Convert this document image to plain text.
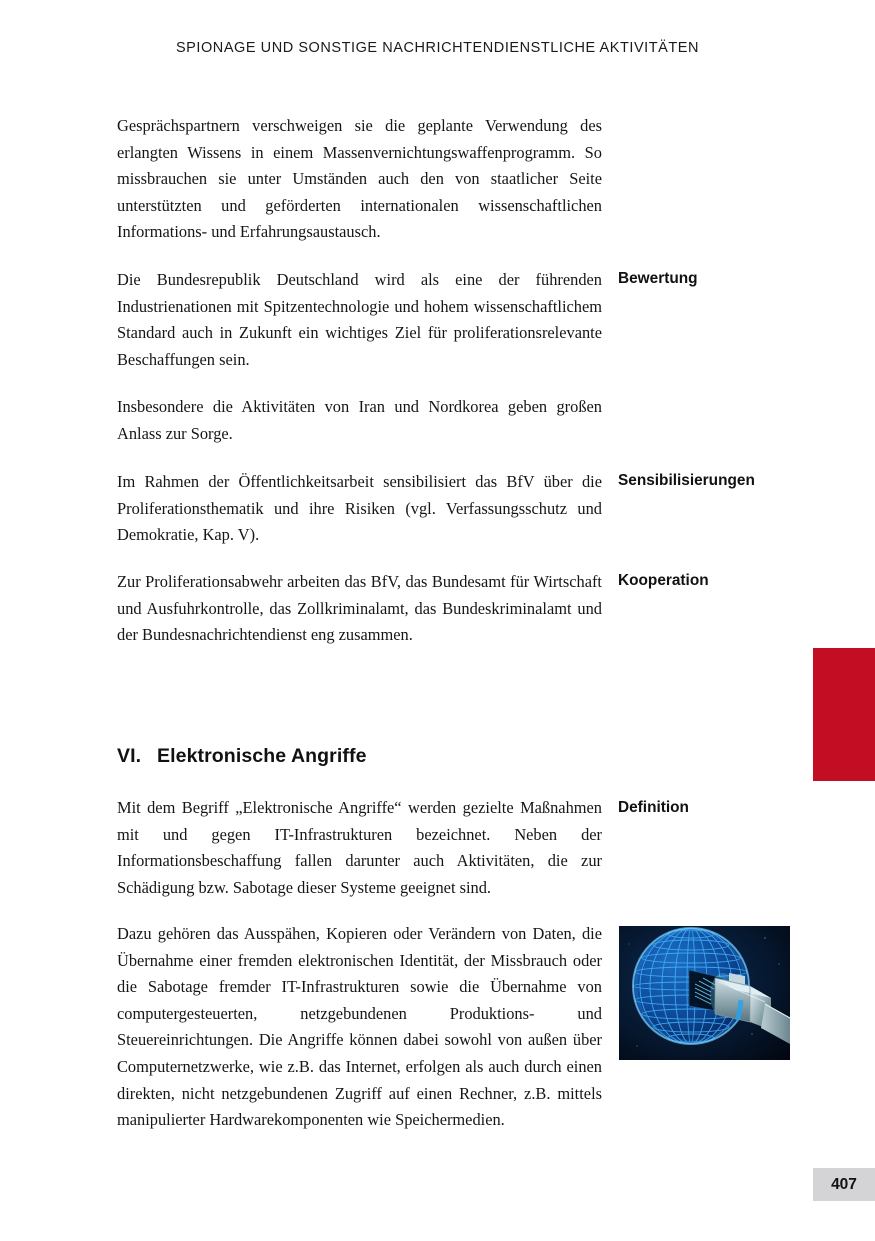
SPIONAGE UND SONSTIGE NACHRICHTENDIENSTLICHE AKTIVITÄTEN

Gesprächspartnern verschweigen sie die geplante Verwendung des erlangten Wissens in einem Massenvernichtungswaffenprogramm. So missbrauchen sie unter Umständen auch den von staatlicher Seite unterstützten und geförderten internationalen wissenschaftlichen Informations- und Erfahrungsaustausch.

Die Bundesrepublik Deutschland wird als eine der führenden Industrienationen mit Spitzentechnologie und hohem wissenschaftlichem Standard auch in Zukunft ein wichtiges Ziel für proliferationsrelevante Beschaffungen sein.

Bewertung

Insbesondere die Aktivitäten von Iran und Nordkorea geben großen Anlass zur Sorge.

Im Rahmen der Öffentlichkeitsarbeit sensibilisiert das BfV über die Proliferationsthematik und ihre Risiken (vgl. Verfassungsschutz und Demokratie, Kap. V).

Sensibilisierungen

Zur Proliferationsabwehr arbeiten das BfV, das Bundesamt für Wirtschaft und Ausfuhrkontrolle, das Zollkriminalamt, das Bundeskriminalamt und der Bundesnachrichtendienst eng zusammen.

Kooperation
VI. Elektronische Angriffe

Mit dem Begriff „Elektronische Angriffe“ werden gezielte Maßnahmen mit und gegen IT-Infrastrukturen bezeichnet. Neben der Informationsbeschaffung fallen darunter auch Aktivitäten, die zur Schädigung bzw. Sabotage dieser Systeme geeignet sind.

Definition

Dazu gehören das Ausspähen, Kopieren oder Verändern von Daten, die Übernahme einer fremden elektronischen Identität, der Missbrauch oder die Sabotage fremder IT-Infrastrukturen sowie die Übernahme von computergesteuerten, netzgebundenen Produktions- und Steuereinrichtungen. Die Angriffe können dabei sowohl von außen über Computernetzwerke, wie z.B. das Internet, erfolgen als auch durch einen direkten, nicht netzgebundenen Zugriff auf einen Rechner, z.B. mittels manipulierter Hardwarekomponenten wie Speichermedien.

407
